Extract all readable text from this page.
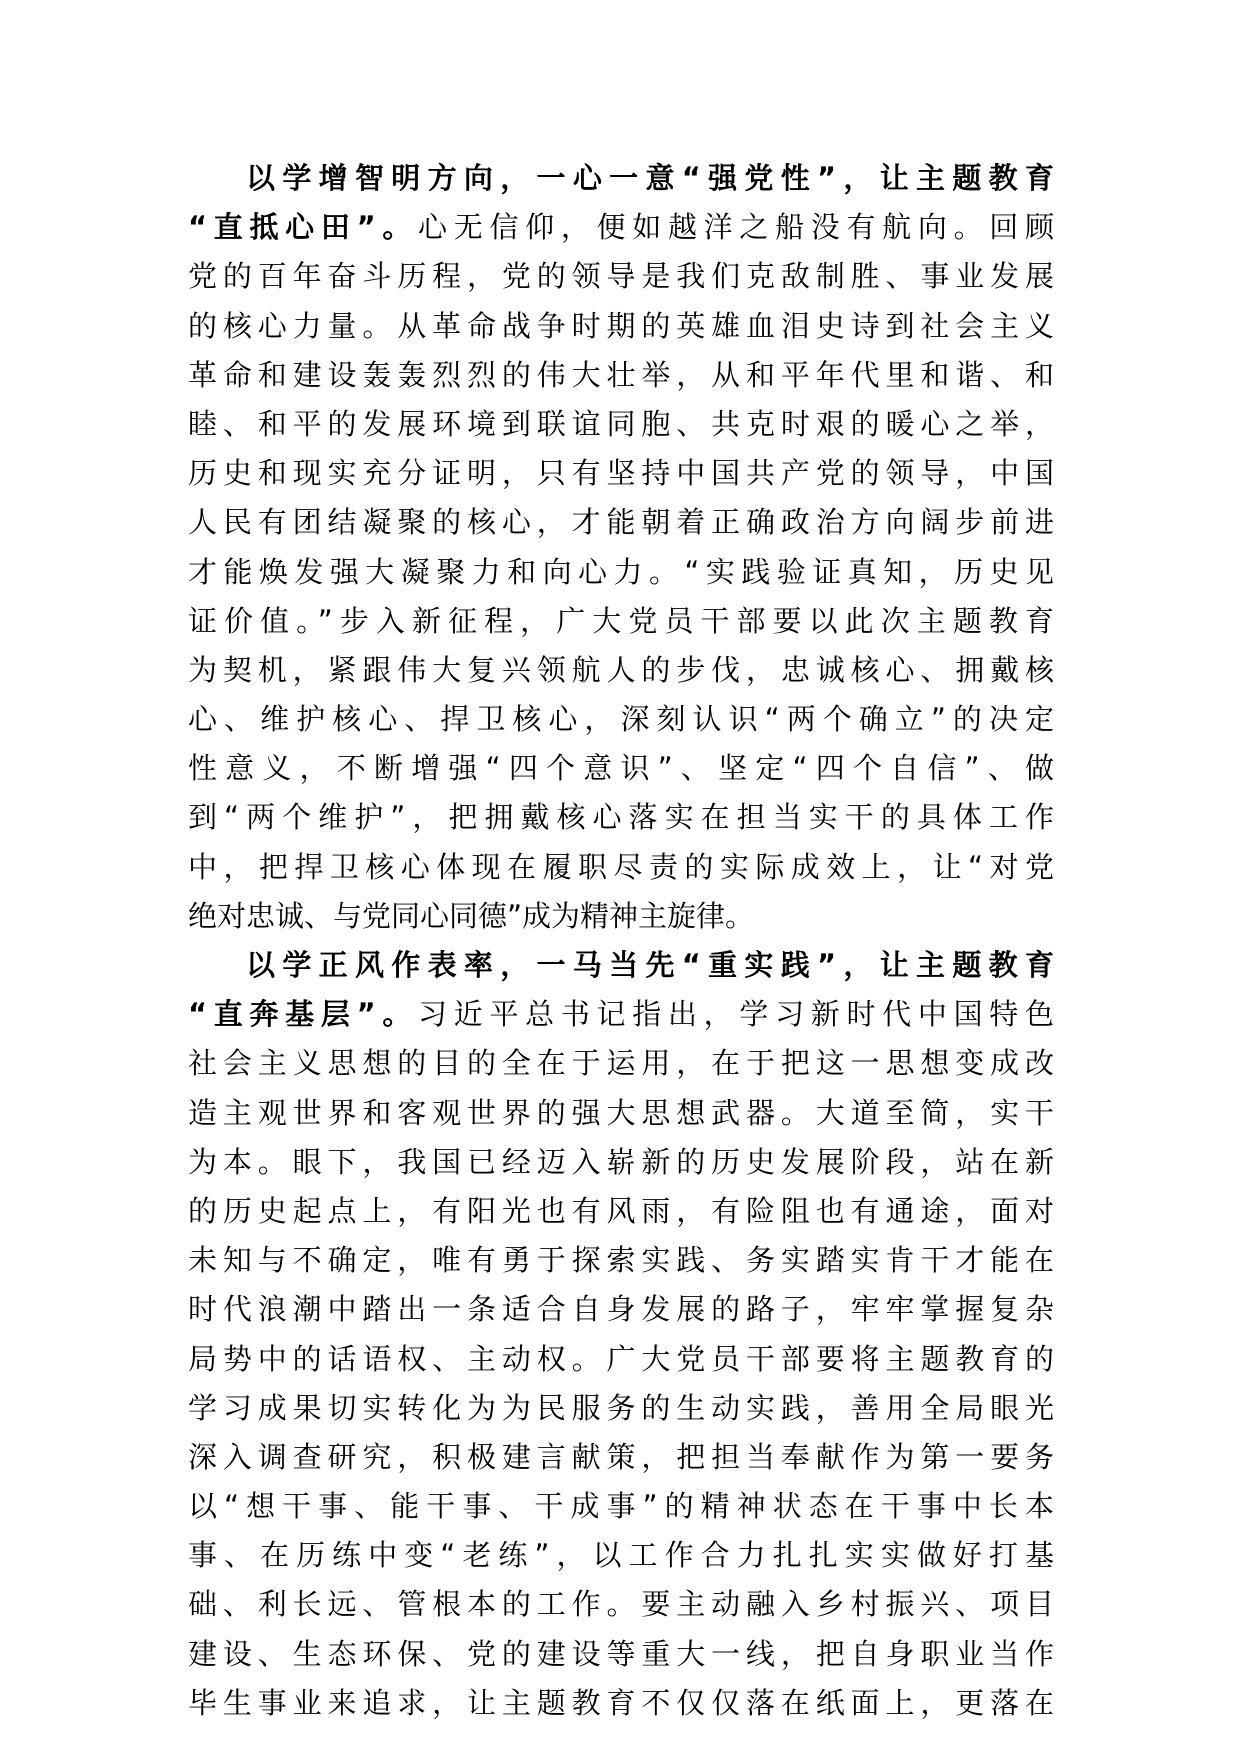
以学增智明方向，一心一意“强党性”，让主题教育
“直抵心田”。心无信仰，便如越洋之船没有航向。回顾
党的百年奋斗历程，党的领导是我们克敌制胜、事业发展
的核心力量。从革命战争时期的英雄血泪史诗到社会主义
革命和建设轰轰烈烈的伟大壮举，从和平年代里和谐、和
睦、和平的发展环境到联谊同胞、共克时艰的暖心之举，
历史和现实充分证明，只有坚持中国共产党的领导，中国
人民有团结凝聚的核心，才能朝着正确政治方向阔步前进
才能焕发强大凝聚力和向心力。“实践验证真知，历史见
证价值。”步入新征程，广大党员干部要以此次主题教育
为契机，紧跟伟大复兴领航人的步伐，忠诚核心、拥戴核
心、维护核心、捍卫核心，深刻认识“两个确立”的决定
性意义，不断增强“四个意识”、坚定“四个自信”、做
到“两个维护”，把拥戴核心落实在担当实干的具体工作
中，把捍卫核心体现在履职尽责的实际成效上，让“对党
绝对忠诚、与党同心同德”成为精神主旋律。
以学正风作表率，一马当先“重实践”，让主题教育
“直奔基层”。习近平总书记指出，学习新时代中国特色
社会主义思想的目的全在于运用，在于把这一思想变成改
造主观世界和客观世界的强大思想武器。大道至简，实干
为本。眼下，我国已经迈入崭新的历史发展阶段，站在新
的历史起点上，有阳光也有风雨，有险阻也有通途，面对
未知与不确定，唯有勇于探索实践、务实踏实肯干才能在
时代浪潮中踏出一条适合自身发展的路子，牢牢掌握复杂
局势中的话语权、主动权。广大党员干部要将主题教育的
学习成果切实转化为为民服务的生动实践，善用全局眼光
深入调查研究，积极建言献策，把担当奉献作为第一要务
以“想干事、能干事、干成事”的精神状态在干事中长本
事、在历练中变“老练”，以工作合力扎扎实实做好打基
础、利长远、管根本的工作。要主动融入乡村振兴、项目
建设、生态环保、党的建设等重大一线，把自身职业当作
毕生事业来追求，让主题教育不仅仅落在纸面上，更落在
